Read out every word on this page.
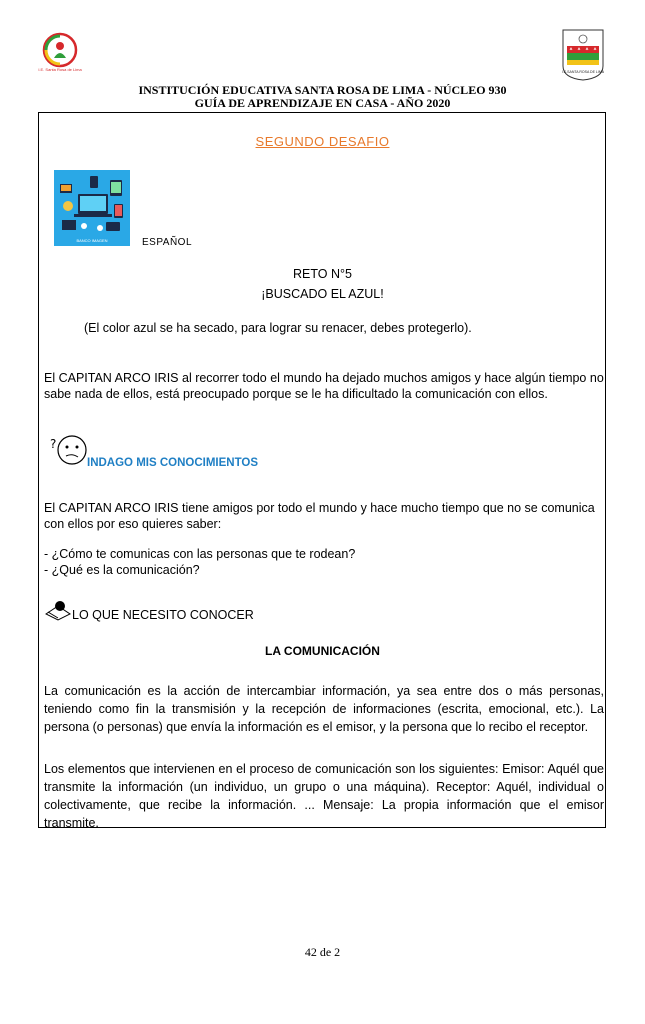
I.E. Santa Rosa de Lima	I.E.SANTA ROSA DE LIMA
INSTITUCIÓN EDUCATIVA SANTA ROSA DE LIMA - NÚCLEO 930
GUÍA DE APRENDIZAJE EN CASA - AÑO 2020
SEGUNDO DESAFIO
BANCO IMAGEN	ESPAÑOL
RETO N°5
¡BUSCADO EL AZUL!
(El color azul se ha secado, para lograr su renacer, debes protegerlo).
El CAPITAN ARCO IRIS al recorrer todo el mundo ha dejado muchos amigos y hace algún tiempo no sabe nada de ellos, está preocupado porque se le ha dificultado la comunicación con ellos.
?
INDAGO MIS CONOCIMIENTOS
El CAPITAN ARCO IRIS tiene amigos por todo el mundo y hace mucho tiempo que no se comunica con ellos por eso quieres saber:
- ¿Cómo te comunicas con las personas que te rodean?
- ¿Qué es la comunicación?
LO QUE NECESITO CONOCER
LA COMUNICACIÓN
La comunicación es la acción de intercambiar información, ya sea entre dos o más personas, teniendo como fin la transmisión y la recepción de informaciones (escrita, emocional, etc.). La persona (o personas) que envía la información es el emisor, y la persona que lo recibo el receptor.
Los elementos que intervienen en el proceso de comunicación son los siguientes: Emisor: Aquél que transmite la información (un individuo, un grupo o una máquina). Receptor: Aquél, individual o colectivamente, que recibe la información. ... Mensaje: La propia información que el emisor transmite.
42 de 2
